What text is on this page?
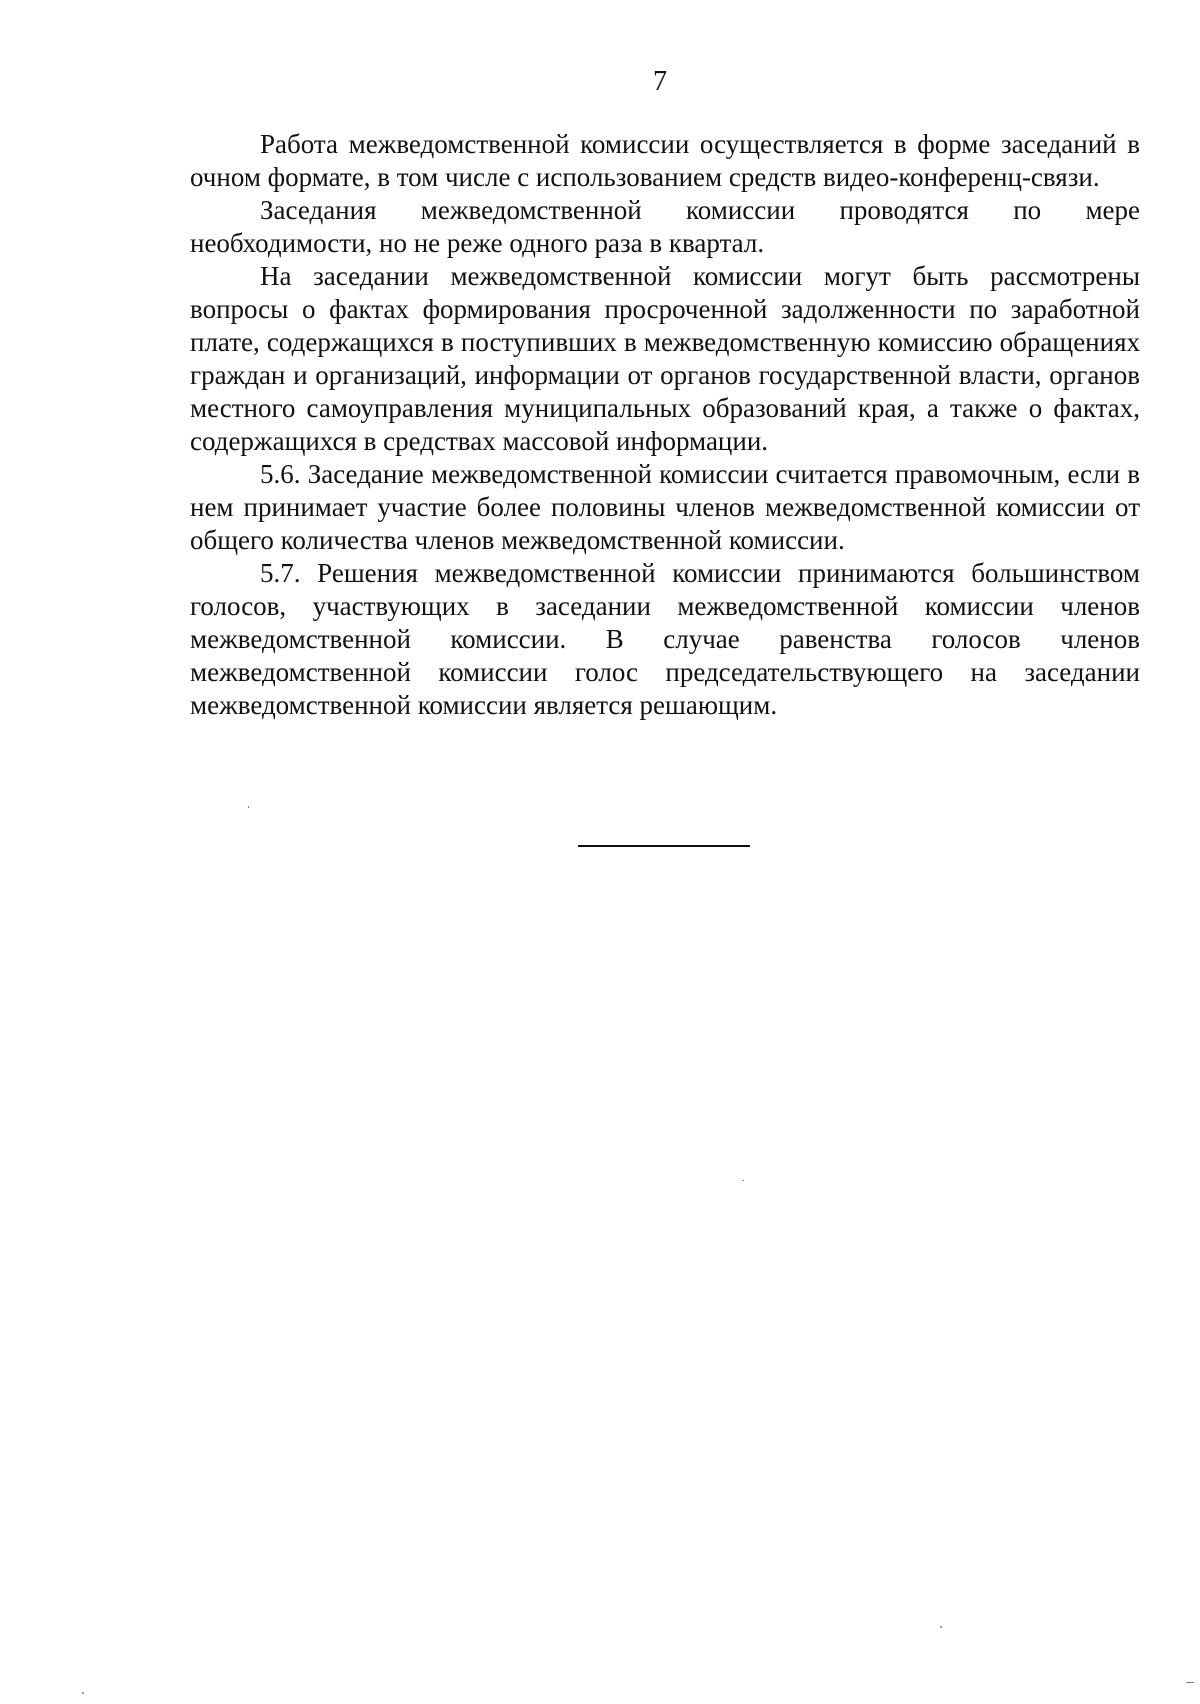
7

Работа межведомственной комиссии осуществляется в форме заседаний в очном формате, в том числе с использованием средств видео-конференц-связи.

Заседания межведомственной комиссии проводятся по мере необходимости, но не реже одного раза в квартал.

На заседании межведомственной комиссии могут быть рассмотрены вопросы о фактах формирования просроченной задолженности по заработной плате, содержащихся в поступивших в межведомственную комиссию обращениях граждан и организаций, информации от органов государственной власти, органов местного самоуправления муниципальных образований края, а также о фактах, содержащихся в средствах массовой информации.

5.6. Заседание межведомственной комиссии считается правомочным, если в нем принимает участие более половины членов межведомственной комиссии от общего количества членов межведомственной комиссии.

5.7. Решения межведомственной комиссии принимаются большинством голосов, участвующих в заседании межведомственной комиссии членов межведомственной комиссии. В случае равенства голосов членов межведомственной комиссии голос председательствующего на заседании межведомственной комиссии является решающим.
